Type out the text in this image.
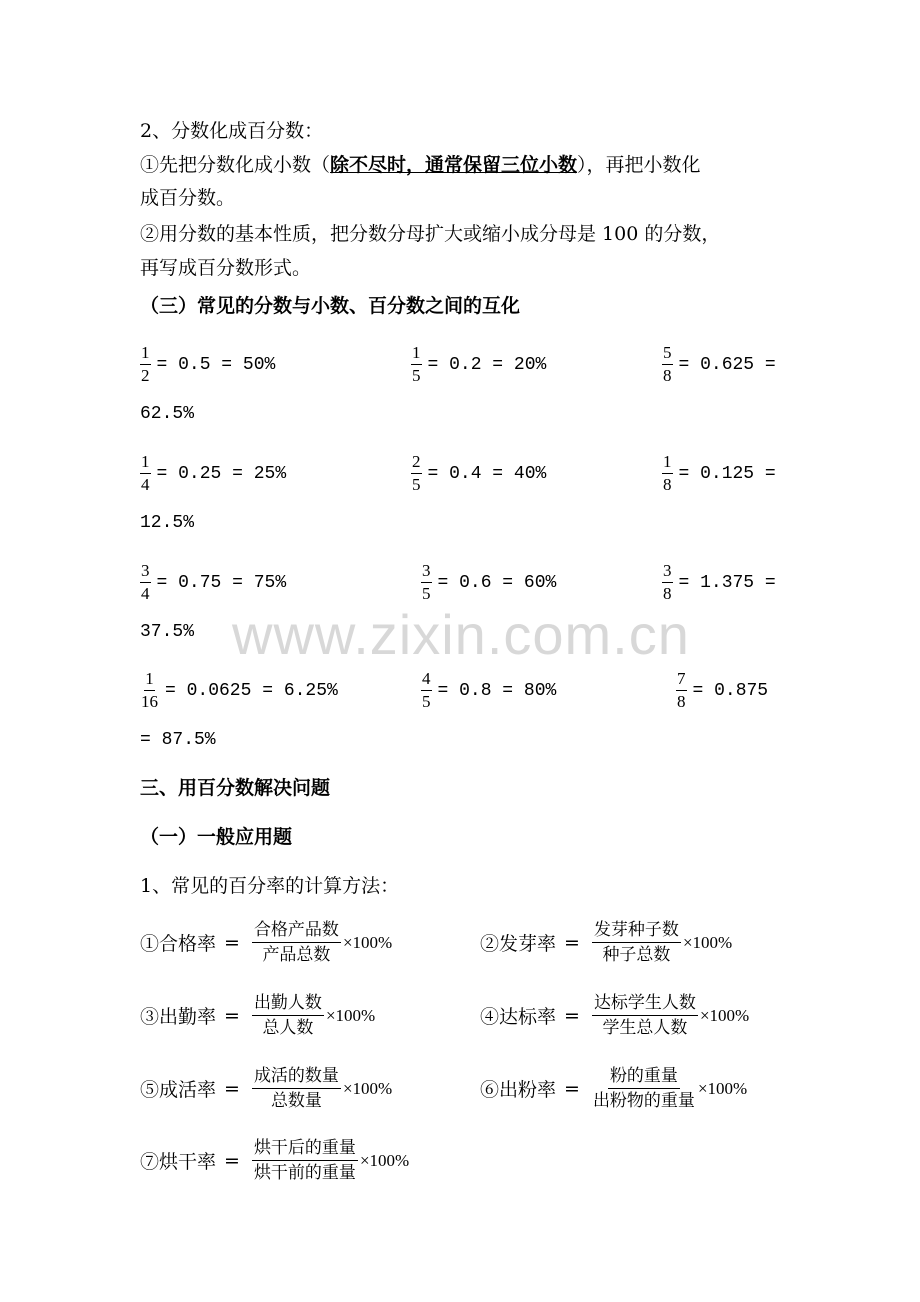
2、分数化成百分数：
①先把分数化成小数（除不尽时，通常保留三位小数），再把小数化
成百分数。
②用分数的基本性质，把分数分母扩大或缩小成分母是 100 的分数，
再写成百分数形式。
（三）常见的分数与小数、百分数之间的互化
$\frac{1}{2} = 0.5 = 50\%$	$\frac{1}{5} = 0.2 = 20\%$	$\frac{5}{8} = 0.625$ =
62.5%
$\frac{1}{4} = 0.25 = 25\%$	$\frac{2}{5} = 0.4 = 40\%$	$\frac{1}{8} = 0.125$ =
12.5%
$\frac{3}{4} = 0.75 = 75\%$	$\frac{3}{5} = 0.6 = 60\%$	$\frac{3}{8} = 1.375$ =
37.5%
$\frac{1}{16} = 0.0625 = 6.25\%$	$\frac{4}{5} = 0.8 = 80\%$	$\frac{7}{8} = 0.875$
= 87.5%
www.zixin.com.cn
三、用百分数解决问题
（一）一般应用题
1、常见的百分率的计算方法：
①合格率 = $\frac{\text{合格产品数}}{\text{产品总数}} \times 100\%$	②发芽率 = $\frac{\text{发芽种子数}}{\text{种子总数}} \times 100\%$
③出勤率 = $\frac{\text{出勤人数}}{\text{总人数}} \times 100\%$	④达标率 = $\frac{\text{达标学生人数}}{\text{学生总人数}} \times 100\%$
⑤成活率 = $\frac{\text{成活的数量}}{\text{总数量}} \times 100\%$	⑥出粉率 = $\frac{\text{粉的重量}}{\text{出粉物的重量}} \times 100\%$
⑦烘干率 = $\frac{\text{烘干后的重量}}{\text{烘干前的重量}} \times 100\%$
